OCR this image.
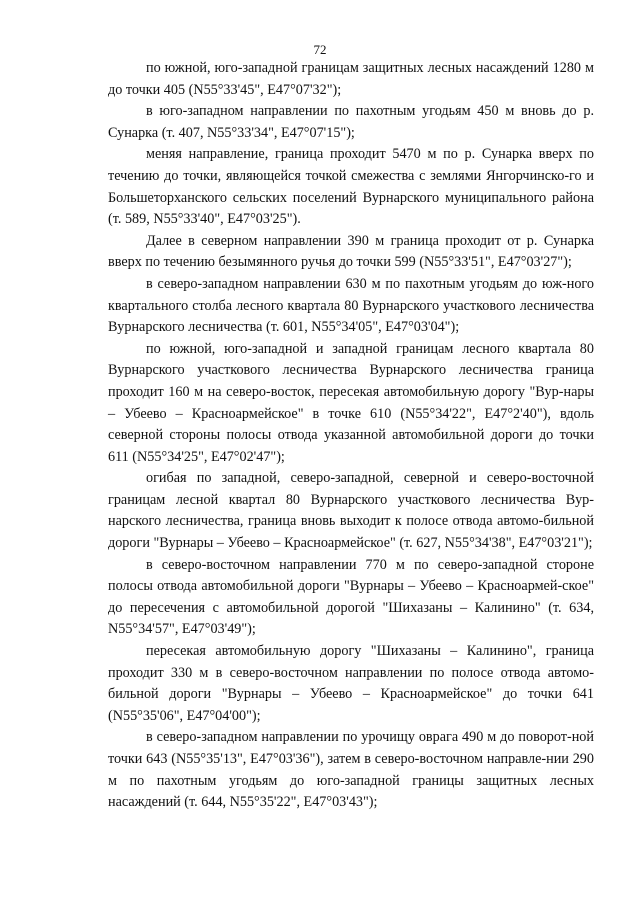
72

по южной, юго-западной границам защитных лесных насаждений 1280 м до точки 405 (N55°33'45", E47°07'32");

в юго-западном направлении по пахотным угодьям 450 м вновь до р. Сунарка (т. 407, N55°33'34", E47°07'15");

меняя направление, граница проходит 5470 м по р. Сунарка вверх по течению до точки, являющейся точкой смежества с землями Янгорчинско-го и Большеторханского сельских поселений Вурнарского муниципального района (т. 589, N55°33'40", E47°03'25").

Далее в северном направлении 390 м граница проходит от р. Сунарка вверх по течению безымянного ручья до точки 599 (N55°33'51", E47°03'27");

в северо-западном направлении 630 м по пахотным угодьям до юж-ного квартального столба лесного квартала 80 Вурнарского участкового лесничества Вурнарского лесничества (т. 601, N55°34'05", E47°03'04");

по южной, юго-западной и западной границам лесного квартала 80 Вурнарского участкового лесничества Вурнарского лесничества граница проходит 160 м на северо-восток, пересекая автомобильную дорогу "Вур-нары – Убеево – Красноармейское" в точке 610 (N55°34'22", E47°2'40"), вдоль северной стороны полосы отвода указанной автомобильной дороги до точки 611 (N55°34'25", E47°02'47");

огибая по западной, северо-западной, северной и северо-восточной границам лесной квартал 80 Вурнарского участкового лесничества Вур-нарского лесничества, граница вновь выходит к полосе отвода автомо-бильной дороги "Вурнары – Убеево – Красноармейское" (т. 627, N55°34'38", E47°03'21");

в северо-восточном направлении 770 м по северо-западной стороне полосы отвода автомобильной дороги "Вурнары – Убеево – Красноармей-ское" до пересечения с автомобильной дорогой "Шихазаны – Калинино" (т. 634, N55°34'57", E47°03'49");

пересекая автомобильную дорогу "Шихазаны – Калинино", граница проходит 330 м в северо-восточном направлении по полосе отвода автомо-бильной дороги "Вурнары – Убеево – Красноармейское" до точки 641 (N55°35'06", E47°04'00");

в северо-западном направлении по урочищу оврага 490 м до поворот-ной точки 643 (N55°35'13", E47°03'36"), затем в северо-восточном направле-нии 290 м по пахотным угодьям до юго-западной границы защитных лесных насаждений (т. 644, N55°35'22", E47°03'43");
